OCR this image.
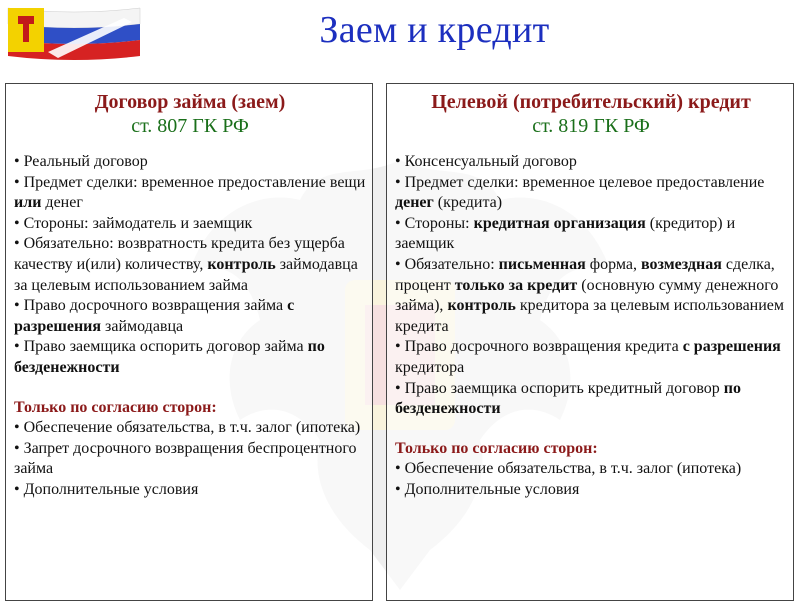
Заем и кредит
Договор займа (заем)
ст. 807 ГК РФ
• Реальный договор
• Предмет сделки: временное предоставление вещи или денег
• Стороны: займодатель и заемщик
• Обязательно: возвратность кредита без ущерба качеству и(или) количеству, контроль займодавца за целевым использованием займа
• Право досрочного возвращения займа с разрешения займодавца
• Право заемщика оспорить договор займа по безденежности
Только по согласию сторон:
• Обеспечение обязательства, в т.ч. залог (ипотека)
• Запрет досрочного возвращения беспроцентного займа
• Дополнительные условия
Целевой (потребительский) кредит
ст. 819 ГК РФ
• Консенсуальный договор
• Предмет сделки: временное целевое предоставление денег (кредита)
• Стороны: кредитная организация (кредитор) и заемщик
• Обязательно: письменная форма, возмездная сделка, процент только за кредит (основную сумму денежного займа), контроль кредитора за целевым использованием кредита
• Право досрочного возвращения кредита с разрешения кредитора
• Право заемщика оспорить кредитный договор по безденежности
Только по согласию сторон:
• Обеспечение обязательства, в т.ч. залог (ипотека)
• Дополнительные условия
